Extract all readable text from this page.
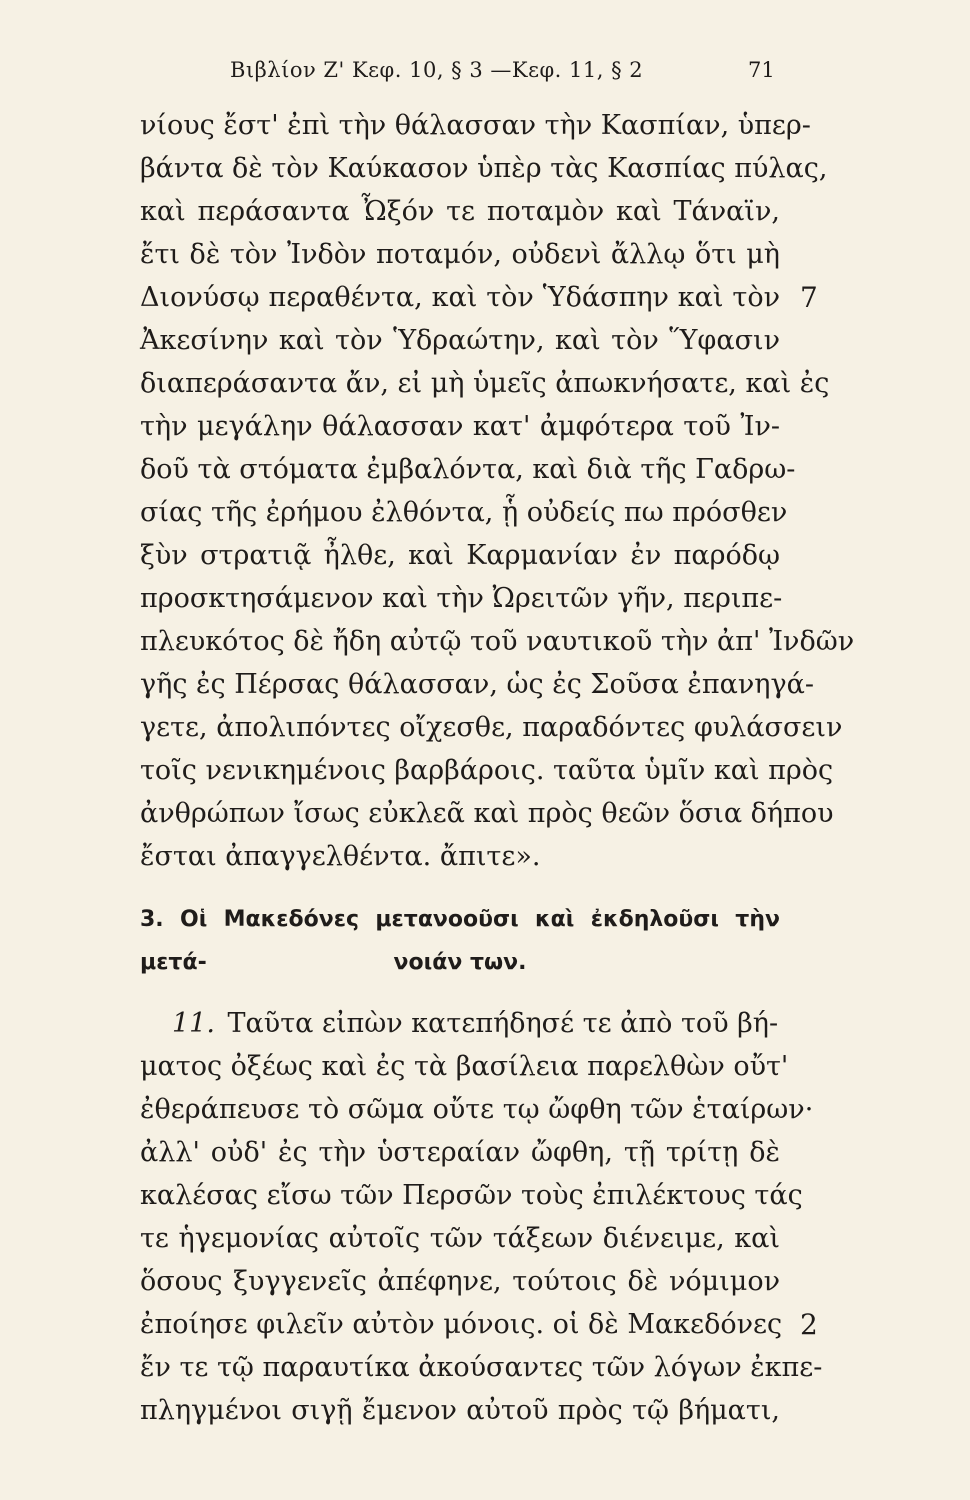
Βιβλίον Ζ' Κεφ. 10, § 3 —Κεφ. 11, § 2	71
νίους ἔστ' ἐπὶ τὴν θάλασσαν τὴν Κασπίαν, ὑπερ-
βάντα δὲ τὸν Καύκασον ὑπὲρ τὰς Κασπίας πύλας,
καὶ περάσαντα Ὦξόν τε ποταμὸν καὶ Τάναϊν,
ἔτι δὲ τὸν Ἰνδὸν ποταμόν, οὐδενὶ ἄλλῳ ὅτι μὴ
Διονύσῳ περαθέντα, καὶ τὸν Ὑδάσπην καὶ τὸν 7
Ἀκεσίνην καὶ τὸν Ὑδραώτην, καὶ τὸν Ὕφασιν
διαπεράσαντα ἄν, εἰ μὴ ὑμεῖς ἀπωκνήσατε, καὶ ἐς
τὴν μεγάλην θάλασσαν κατ' ἀμφότερα τοῦ Ἰν-
δοῦ τὰ στόματα ἐμβαλόντα, καὶ διὰ τῆς Γαδρω-
σίας τῆς ἐρήμου ἐλθόντα, ᾗ οὐδείς πω πρόσθεν
ξὺν στρατιᾷ ἦλθε, καὶ Καρμανίαν ἐν παρόδῳ
προσκτησάμενον καὶ τὴν Ὠρειτῶν γῆν, περιπε-
πλευκότος δὲ ἤδη αὐτῷ τοῦ ναυτικοῦ τὴν ἀπ' Ἰνδῶν
γῆς ἐς Πέρσας θάλασσαν, ὡς ἐς Σοῦσα ἐπανηγά-
γετε, ἀπολιπόντες οἴχεσθε, παραδόντες φυλάσσειν
τοῖς νενικημένοις βαρβάροις. ταῦτα ὑμῖν καὶ πρὸς
ἀνθρώπων ἴσως εὐκλεᾶ καὶ πρὸς θεῶν ὅσια δήπου
ἔσται ἀπαγγελθέντα. ἄπιτε».
3. Οἱ Μακεδόνες μετανοοῦσι καὶ ἐκδηλοῦσι τὴν μετά-	νοιάν των.
11. Ταῦτα εἰπὼν κατεπήδησέ τε ἀπὸ τοῦ βή-
ματος ὀξέως καὶ ἐς τὰ βασίλεια παρελθὼν οὔτ'
ἐθεράπευσε τὸ σῶμα οὔτε τῳ ὤφθη τῶν ἑταίρων·
ἀλλ' οὐδ' ἐς τὴν ὑστεραίαν ὤφθη, τῇ τρίτῃ δὲ
καλέσας εἴσω τῶν Περσῶν τοὺς ἐπιλέκτους τάς
τε ἡγεμονίας αὐτοῖς τῶν τάξεων διένειμε, καὶ
ὅσους ξυγγενεῖς ἀπέφηνε, τούτοις δὲ νόμιμον
ἐποίησε φιλεῖν αὐτὸν μόνοις. οἱ δὲ Μακεδόνες 2
ἔν τε τῷ παραυτίκα ἀκούσαντες τῶν λόγων ἐκπε-
πληγμένοι σιγῇ ἔμενον αὐτοῦ πρὸς τῷ βήματι,
